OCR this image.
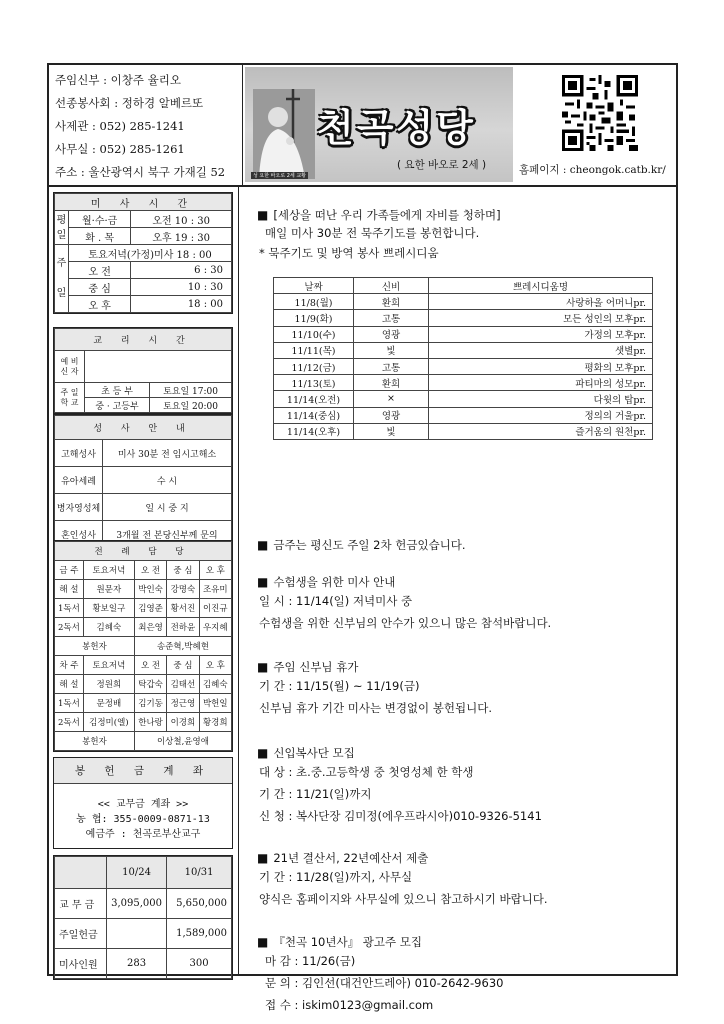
주임신부 : 이창주 율리오
선종봉사회 : 정하경 알베르또
사제관 : 052) 285-1241
사무실 : 052) 285-1261
주소 : 울산광역시 북구 가재길 52	성 요한 바오로 2세 교황
천곡성당
( 요한 바오로 2세 )	홈페이지 : cheongok.catb.kr/
미 사 시 간		
평
일	월·수·금	오전 10 : 30
	화 . 목	오후 19 : 30
주

일	토요저녁(가정)미사 18 : 00	
	오 전	6 : 30
	중 심	10 : 30
	오 후	18 : 00
교 리 시 간		
예 비
신 자		
주 일
학 교	초 등 부	토요일 17:00
	중 · 고등부	토요일 20:00
성 사 안 내	
고해성사	미사 30분 전 임시고해소
유아세례	수 시
병자영성체	일 시 중 지
혼인성사	3개월 전 본당신부께 문의
전 례 담 당				
금 주	토요저녁	오 전	중 심	오 후
해 설	원문자	박인숙	강명숙	조유미
1독서	황보일구	김영준	황서진	이진규
2독서	김혜숙	최은영	전하윤	우지혜
봉헌자		송준혁,박혜현		
차 주	토요저녁	오 전	중 심	오 후
해 설	정원희	탁갑숙	김태선	김혜숙
1독서	문정배	김기동	정근영	박헌일
2독서	김정미(엘)	한나랑	이경희	황경희
봉헌자		이상철,윤영애		
봉 헌 금 계 좌
<< 교무금 계좌 >>
농 협: 355-0009-0871-13
예금주 : 천곡로부산교구
	10/24	10/31
교 무 금	3,095,000	5,650,000
주일헌금		1,589,000
미사인원	283	300
■ [세상을 떠난 우리 가족들에게 자비를 청하며]
매일 미사 30분 전 묵주기도를 봉헌합니다.
* 묵주기도 및 방역 봉사 쁘레시디움
날짜	신비	쁘레시디움명
11/8(월)	환희	사랑하올 어머니pr.
11/9(화)	고통	모든 성인의 모후pr.
11/10(수)	영광	가정의 모후pr.
11/11(목)	빛	샛별pr.
11/12(금)	고통	평화의 모후pr.
11/13(토)	환희	파티마의 성모pr.
11/14(오전)	×	다윗의 탑pr.
11/14(중심)	영광	정의의 거울pr.
11/14(오후)	빛	즐거움의 원천pr.
■ 금주는 평신도 주일 2차 헌금있습니다.
■ 수험생을 위한 미사 안내
일 시 : 11/14(일) 저녁미사 중
수험생을 위한 신부님의 안수가 있으니 많은 참석바랍니다.
■ 주임 신부님 휴가
기 간 : 11/15(월) ~ 11/19(금)
신부님 휴가 기간 미사는 변경없이 봉헌됩니다.
■ 신입복사단 모집
대 상 : 초.중.고등학생 중 첫영성체 한 학생
기 간 : 11/21(일)까지
신 청 : 복사단장 김미정(에우프라시아)010-9326-5141
■ 21년 결산서, 22년예산서 제출
기 간 : 11/28(일)까지, 사무실
양식은 홈페이지와 사무실에 있으니 참고하시기 바랍니다.
■ 『천곡 10년사』 광고주 모집
마 감 : 11/26(금)
문 의 : 김인선(대건안드레아) 010-2642-9630
접 수 : iskim0123@gmail.com
